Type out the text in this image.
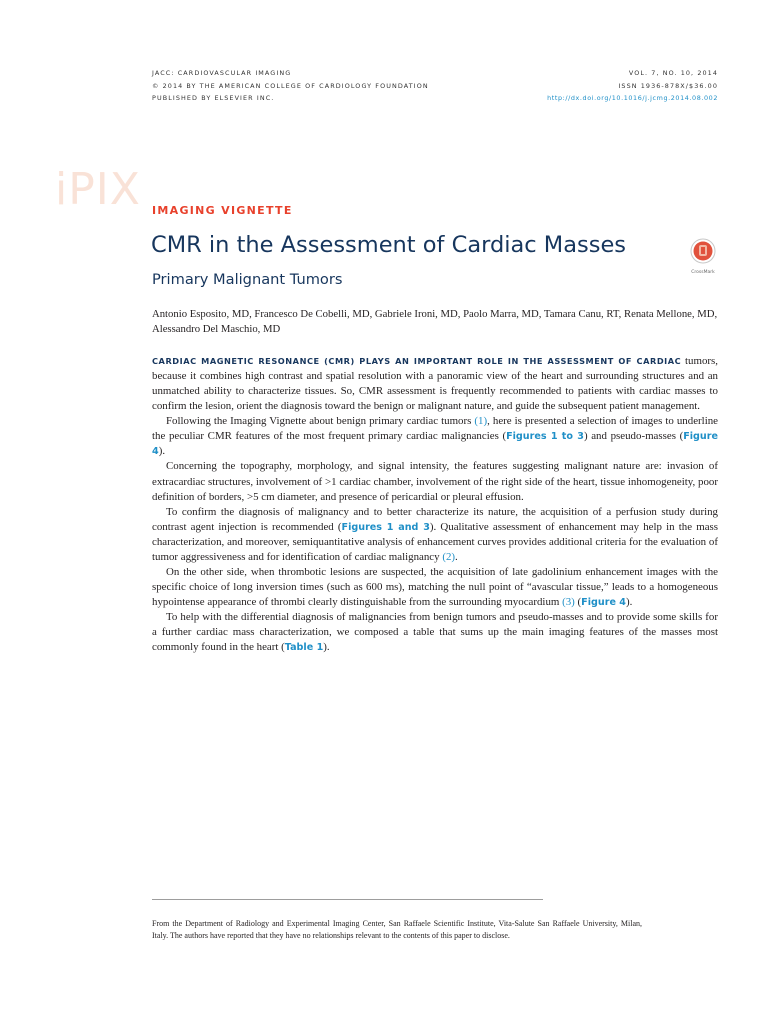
JACC: CARDIOVASCULAR IMAGING
© 2014 BY THE AMERICAN COLLEGE OF CARDIOLOGY FOUNDATION
PUBLISHED BY ELSEVIER INC.
VOL. 7, NO. 10, 2014
ISSN 1936-878X/$36.00
http://dx.doi.org/10.1016/j.jcmg.2014.08.002
iPIX IMAGING VIGNETTE
CMR in the Assessment of Cardiac Masses
Primary Malignant Tumors	CrossMark
Antonio Esposito, MD, Francesco De Cobelli, MD, Gabriele Ironi, MD, Paolo Marra, MD, Tamara Canu, RT, Renata Mellone, MD, Alessandro Del Maschio, MD

CARDIAC MAGNETIC RESONANCE (CMR) PLAYS AN IMPORTANT ROLE IN THE ASSESSMENT OF CARDIAC tumors, because it combines high contrast and spatial resolution with a panoramic view of the heart and surrounding structures and an unmatched ability to characterize tissues. So, CMR assessment is frequently recommended to patients with cardiac masses to confirm the lesion, orient the diagnosis toward the benign or malignant nature, and guide the subsequent patient management.

Following the Imaging Vignette about benign primary cardiac tumors (1), here is presented a selection of images to underline the peculiar CMR features of the most frequent primary cardiac malignancies (Figures 1 to 3) and pseudo-masses (Figure 4).

Concerning the topography, morphology, and signal intensity, the features suggesting malignant nature are: invasion of extracardiac structures, involvement of >1 cardiac chamber, involvement of the right side of the heart, tissue inhomogeneity, poor definition of borders, >5 cm diameter, and presence of pericardial or pleural effusion.

To confirm the diagnosis of malignancy and to better characterize its nature, the acquisition of a perfusion study during contrast agent injection is recommended (Figures 1 and 3). Qualitative assessment of enhancement may help in the mass characterization, and moreover, semiquantitative analysis of enhancement curves provides additional criteria for the evaluation of tumor aggressiveness and for identification of cardiac malignancy (2).

On the other side, when thrombotic lesions are suspected, the acquisition of late gadolinium enhancement images with the specific choice of long inversion times (such as 600 ms), matching the null point of “avascular tissue,” leads to a homogeneous hypointense appearance of thrombi clearly distinguishable from the surrounding myocardium (3) (Figure 4).

To help with the differential diagnosis of malignancies from benign tumors and pseudo-masses and to provide some skills for a further cardiac mass characterization, we composed a table that sums up the main imaging features of the masses most commonly found in the heart (Table 1).

From the Department of Radiology and Experimental Imaging Center, San Raffaele Scientific Institute, Vita-Salute San Raffaele University, Milan, Italy. The authors have reported that they have no relationships relevant to the contents of this paper to disclose.
